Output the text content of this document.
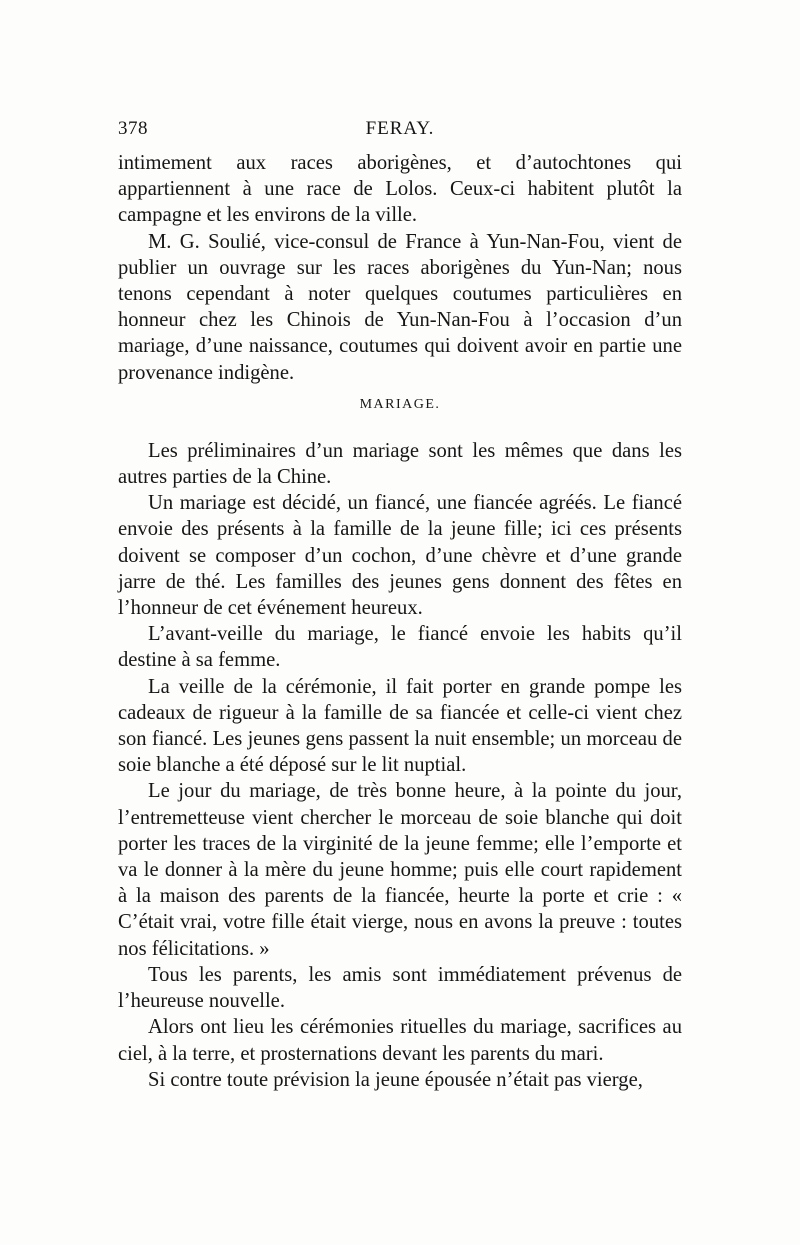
378	FERAY.

intimement aux races aborigènes, et d’autochtones qui appartiennent à une race de Lolos. Ceux-ci habitent plutôt la campagne et les environs de la ville.

M. G. Soulié, vice-consul de France à Yun-Nan-Fou, vient de publier un ouvrage sur les races aborigènes du Yun-Nan; nous tenons cependant à noter quelques coutumes particulières en honneur chez les Chinois de Yun-Nan-Fou à l’occasion d’un mariage, d’une naissance, coutumes qui doivent avoir en partie une provenance indigène.

MARIAGE.

Les préliminaires d’un mariage sont les mêmes que dans les autres parties de la Chine.

Un mariage est décidé, un fiancé, une fiancée agréés. Le fiancé envoie des présents à la famille de la jeune fille; ici ces présents doivent se composer d’un cochon, d’une chèvre et d’une grande jarre de thé. Les familles des jeunes gens donnent des fêtes en l’honneur de cet événement heureux.

L’avant-veille du mariage, le fiancé envoie les habits qu’il destine à sa femme.

La veille de la cérémonie, il fait porter en grande pompe les cadeaux de rigueur à la famille de sa fiancée et celle-ci vient chez son fiancé. Les jeunes gens passent la nuit ensemble; un morceau de soie blanche a été déposé sur le lit nuptial.

Le jour du mariage, de très bonne heure, à la pointe du jour, l’entremetteuse vient chercher le morceau de soie blanche qui doit porter les traces de la virginité de la jeune femme; elle l’emporte et va le donner à la mère du jeune homme; puis elle court rapidement à la maison des parents de la fiancée, heurte la porte et crie : « C’était vrai, votre fille était vierge, nous en avons la preuve : toutes nos félicitations. »

Tous les parents, les amis sont immédiatement prévenus de l’heureuse nouvelle.

Alors ont lieu les cérémonies rituelles du mariage, sacrifices au ciel, à la terre, et prosternations devant les parents du mari.

Si contre toute prévision la jeune épousée n’était pas vierge,
